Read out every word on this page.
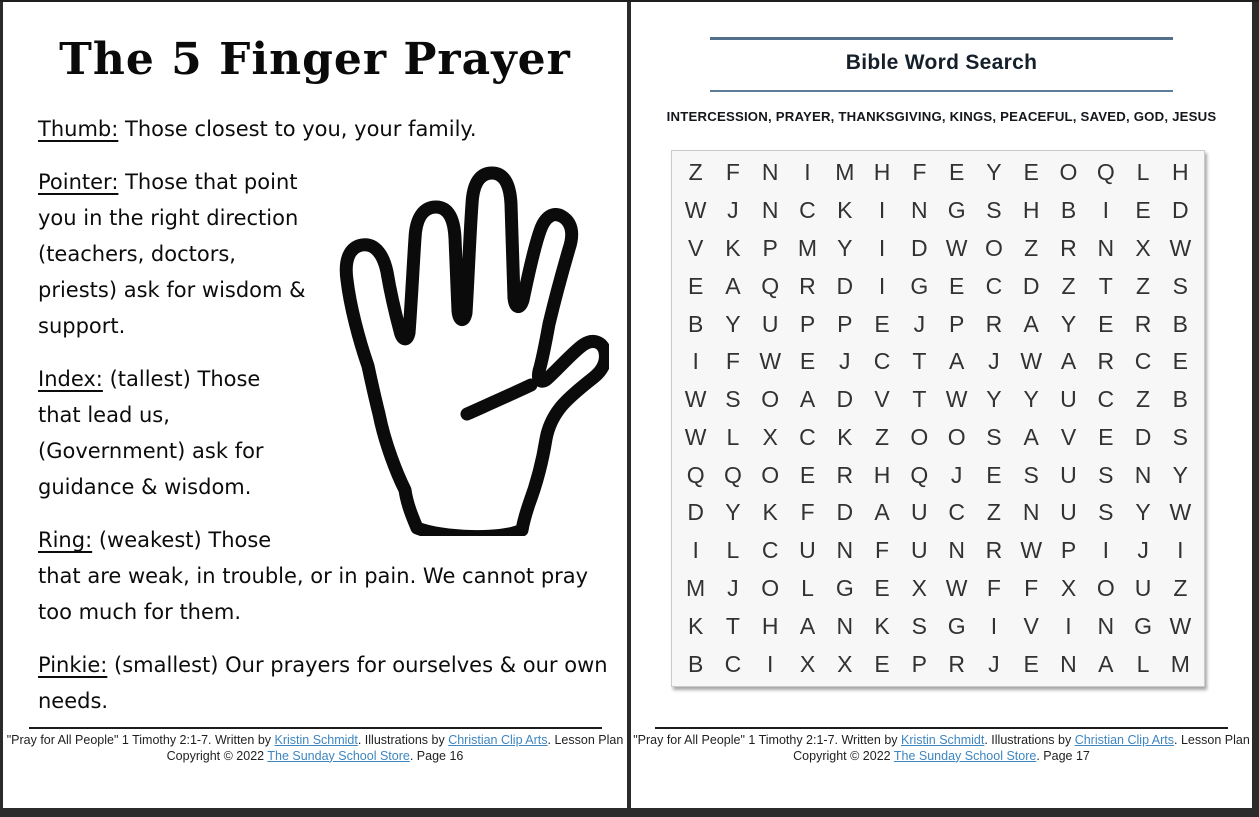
The 5 Finger Prayer

Thumb: Those closest to you, your family.

Pointer: Those that point you in the right direction (teachers, doctors, priests) ask for wisdom & support.

Index: (tallest) Those that lead us, (Government) ask for guidance & wisdom.

Ring: (weakest) Those that are weak, in trouble, or in pain. We cannot pray too much for them.

Pinkie: (smallest) Our prayers for ourselves & our own needs.

"Pray for All People" 1 Timothy 2:1-7. Written by Kristin Schmidt. Illustrations by Christian Clip Arts. Lesson Plan
Copyright © 2022 The Sunday School Store. Page 16
Bible Word Search
INTERCESSION, PRAYER, THANKSGIVING, KINGS, PEACEFUL, SAVED, GOD, JESUS
Z	F N	I	M H F E Y E O Q L H
W J	N C K	I	N G S H B	I	E D
V K P M Y	I	D W O Z R N X W
E A Q R D	I	G E C D Z	T	Z S
B Y U P P E	J	P R A Y E R B
I	F W E	J	C T A	J W A R C E
W S O A D V T W Y Y U C Z B
W L	X C K Z O O S A V E D S
Q Q O E R H Q J	E S U S N Y
D Y K F D A U C Z N U S Y W
I	L C U N F U N R W P	I	J	I
M J O L G E X W F	F X O U Z
K T H A N K S G	I	V	I	N G W
B C	I	X X E P R	J	E N A	L M
"Pray for All People" 1 Timothy 2:1-7. Written by Kristin Schmidt. Illustrations by Christian Clip Arts. Lesson Plan
Copyright © 2022 The Sunday School Store. Page 17
